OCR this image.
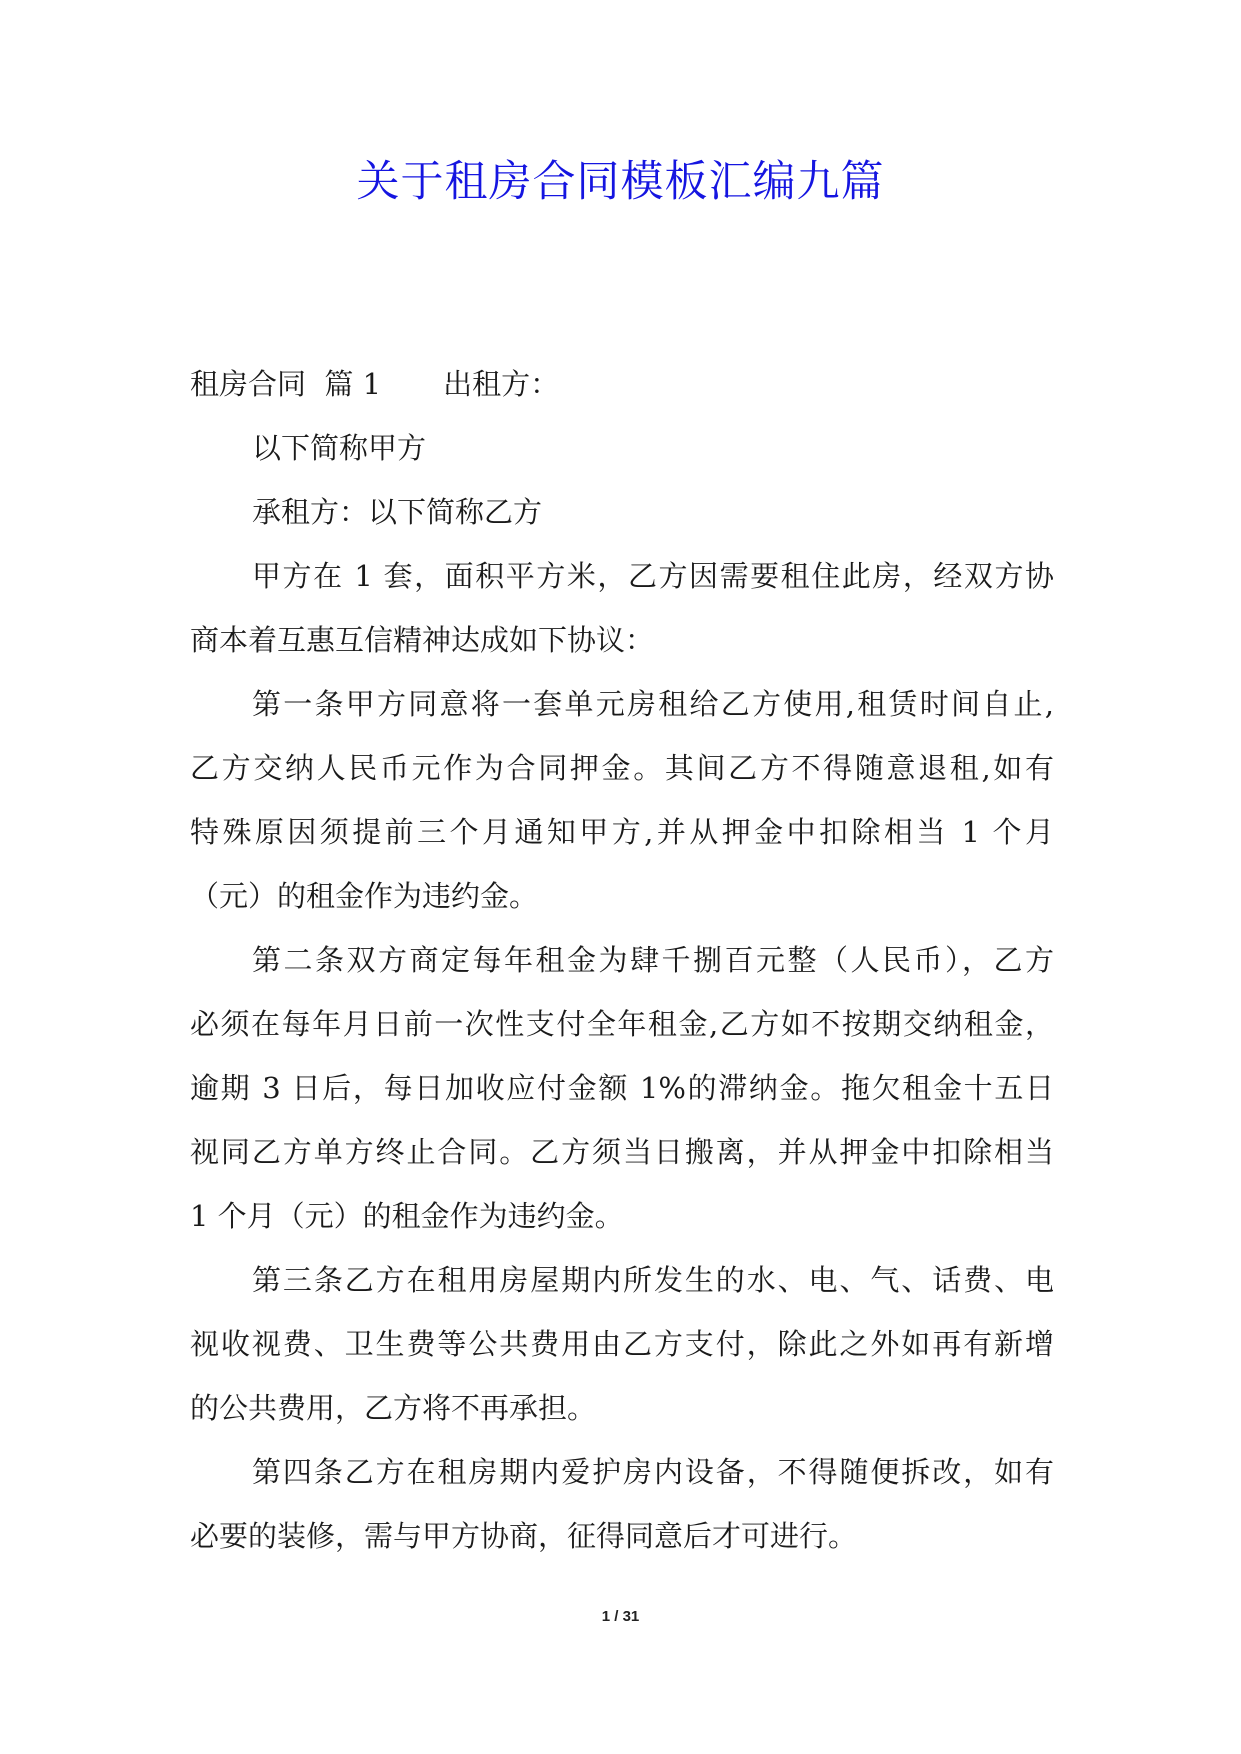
关于租房合同模板汇编九篇

租房合同  篇 1 出租方：

以下简称甲方

承租方：以下简称乙方

甲方在 1 套，面积平方米，乙方因需要租住此房，经双方协

商本着互惠互信精神达成如下协议：

第一条甲方同意将一套单元房租给乙方使用,租赁时间自止,

乙方交纳人民币元作为合同押金。其间乙方不得随意退租,如有

特殊原因须提前三个月通知甲方,并从押金中扣除相当 1 个月

（元）的租金作为违约金。

第二条双方商定每年租金为肆千捌百元整（人民币），乙方

必须在每年月日前一次性支付全年租金,乙方如不按期交纳租金，

逾期 3 日后，每日加收应付金额 1%的滞纳金。拖欠租金十五日

视同乙方单方终止合同。乙方须当日搬离，并从押金中扣除相当

1 个月（元）的租金作为违约金。

第三条乙方在租用房屋期内所发生的水、电、气、话费、电

视收视费、卫生费等公共费用由乙方支付，除此之外如再有新增

的公共费用，乙方将不再承担。

第四条乙方在租房期内爱护房内设备，不得随便拆改，如有

必要的装修，需与甲方协商，征得同意后才可进行。

1 / 31
